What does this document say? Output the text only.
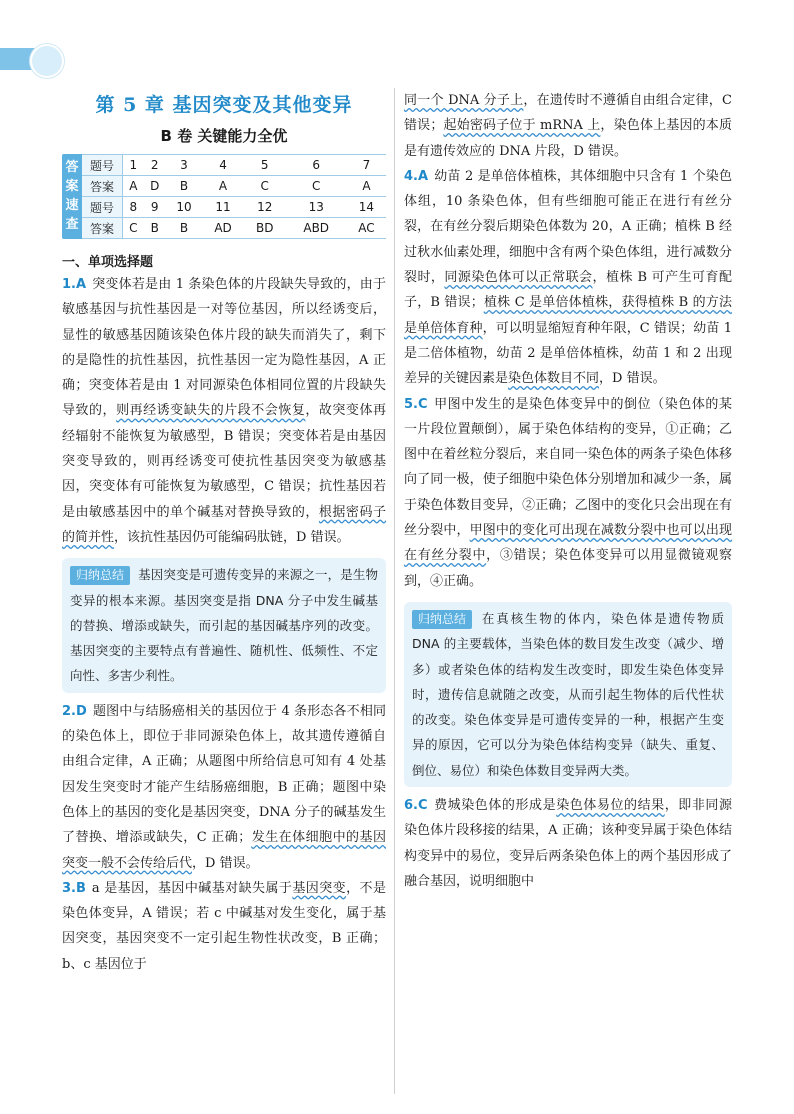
第 5 章 基因突变及其他变异
B 卷 关键能力全优
答
案
速
查
题号	1	2	3	4	5	6	7
答案	A	D	B	A	C	C	A
题号	8	9	10	11	12	13	14
答案	C	B	B	AD	BD	ABD	AC
一、单项选择题

1.A 突变体若是由 1 条染色体的片段缺失导致的，由于敏感基因与抗性基因是一对等位基因，所以经诱变后，显性的敏感基因随该染色体片段的缺失而消失了，剩下的是隐性的抗性基因，抗性基因一定为隐性基因，A 正确；突变体若是由 1 对同源染色体相同位置的片段缺失导致的，则再经诱变缺失的片段不会恢复，故突变体再经辐射不能恢复为敏感型，B 错误；突变体若是由基因突变导致的，则再经诱变可使抗性基因突变为敏感基因，突变体有可能恢复为敏感型，C 错误；抗性基因若是由敏感基因中的单个碱基对替换导致的，根据密码子的简并性，该抗性基因仍可能编码肽链，D 错误。

归纳总结 基因突变是可遗传变异的来源之一，是生物变异的根本来源。基因突变是指 DNA 分子中发生碱基的替换、增添或缺失，而引起的基因碱基序列的改变。基因突变的主要特点有普遍性、随机性、低频性、不定向性、多害少利性。

2.D 题图中与结肠癌相关的基因位于 4 条形态各不相同的染色体上，即位于非同源染色体上，故其遗传遵循自由组合定律，A 正确；从题图中所给信息可知有 4 处基因发生突变时才能产生结肠癌细胞，B 正确；题图中染色体上的基因的变化是基因突变，DNA 分子的碱基发生了替换、增添或缺失，C 正确；发生在体细胞中的基因突变一般不会传给后代，D 错误。

3.B a 是基因，基因中碱基对缺失属于基因突变，不是染色体变异，A 错误；若 c 中碱基对发生变化，属于基因突变，基因突变不一定引起生物性状改变，B 正确；b、c 基因位于

同一个 DNA 分子上，在遗传时不遵循自由组合定律，C 错误；起始密码子位于 mRNA 上，染色体上基因的本质是有遗传效应的 DNA 片段，D 错误。

4.A 幼苗 2 是单倍体植株，其体细胞中只含有 1 个染色体组，10 条染色体，但有些细胞可能正在进行有丝分裂，在有丝分裂后期染色体数为 20，A 正确；植株 B 经过秋水仙素处理，细胞中含有两个染色体组，进行减数分裂时，同源染色体可以正常联会，植株 B 可产生可育配子，B 错误；植株 C 是单倍体植株，获得植株 B 的方法是单倍体育种，可以明显缩短育种年限，C 错误；幼苗 1 是二倍体植物，幼苗 2 是单倍体植株，幼苗 1 和 2 出现差异的关键因素是染色体数目不同，D 错误。

5.C 甲图中发生的是染色体变异中的倒位（染色体的某一片段位置颠倒），属于染色体结构的变异，①正确；乙图中在着丝粒分裂后，来自同一染色体的两条子染色体移向了同一极，使子细胞中染色体分别增加和减少一条，属于染色体数目变异，②正确；乙图中的变化只会出现在有丝分裂中，甲图中的变化可出现在减数分裂中也可以出现在有丝分裂中，③错误；染色体变异可以用显微镜观察到，④正确。

归纳总结 在真核生物的体内，染色体是遗传物质 DNA 的主要载体，当染色体的数目发生改变（减少、增多）或者染色体的结构发生改变时，即发生染色体变异时，遗传信息就随之改变，从而引起生物体的后代性状的改变。染色体变异是可遗传变异的一种，根据产生变异的原因，它可以分为染色体结构变异（缺失、重复、倒位、易位）和染色体数目变异两大类。

6.C 费城染色体的形成是染色体易位的结果，即非同源染色体片段移接的结果，A 正确；该种变异属于染色体结构变异中的易位，变异后两条染色体上的两个基因形成了融合基因，说明细胞中
